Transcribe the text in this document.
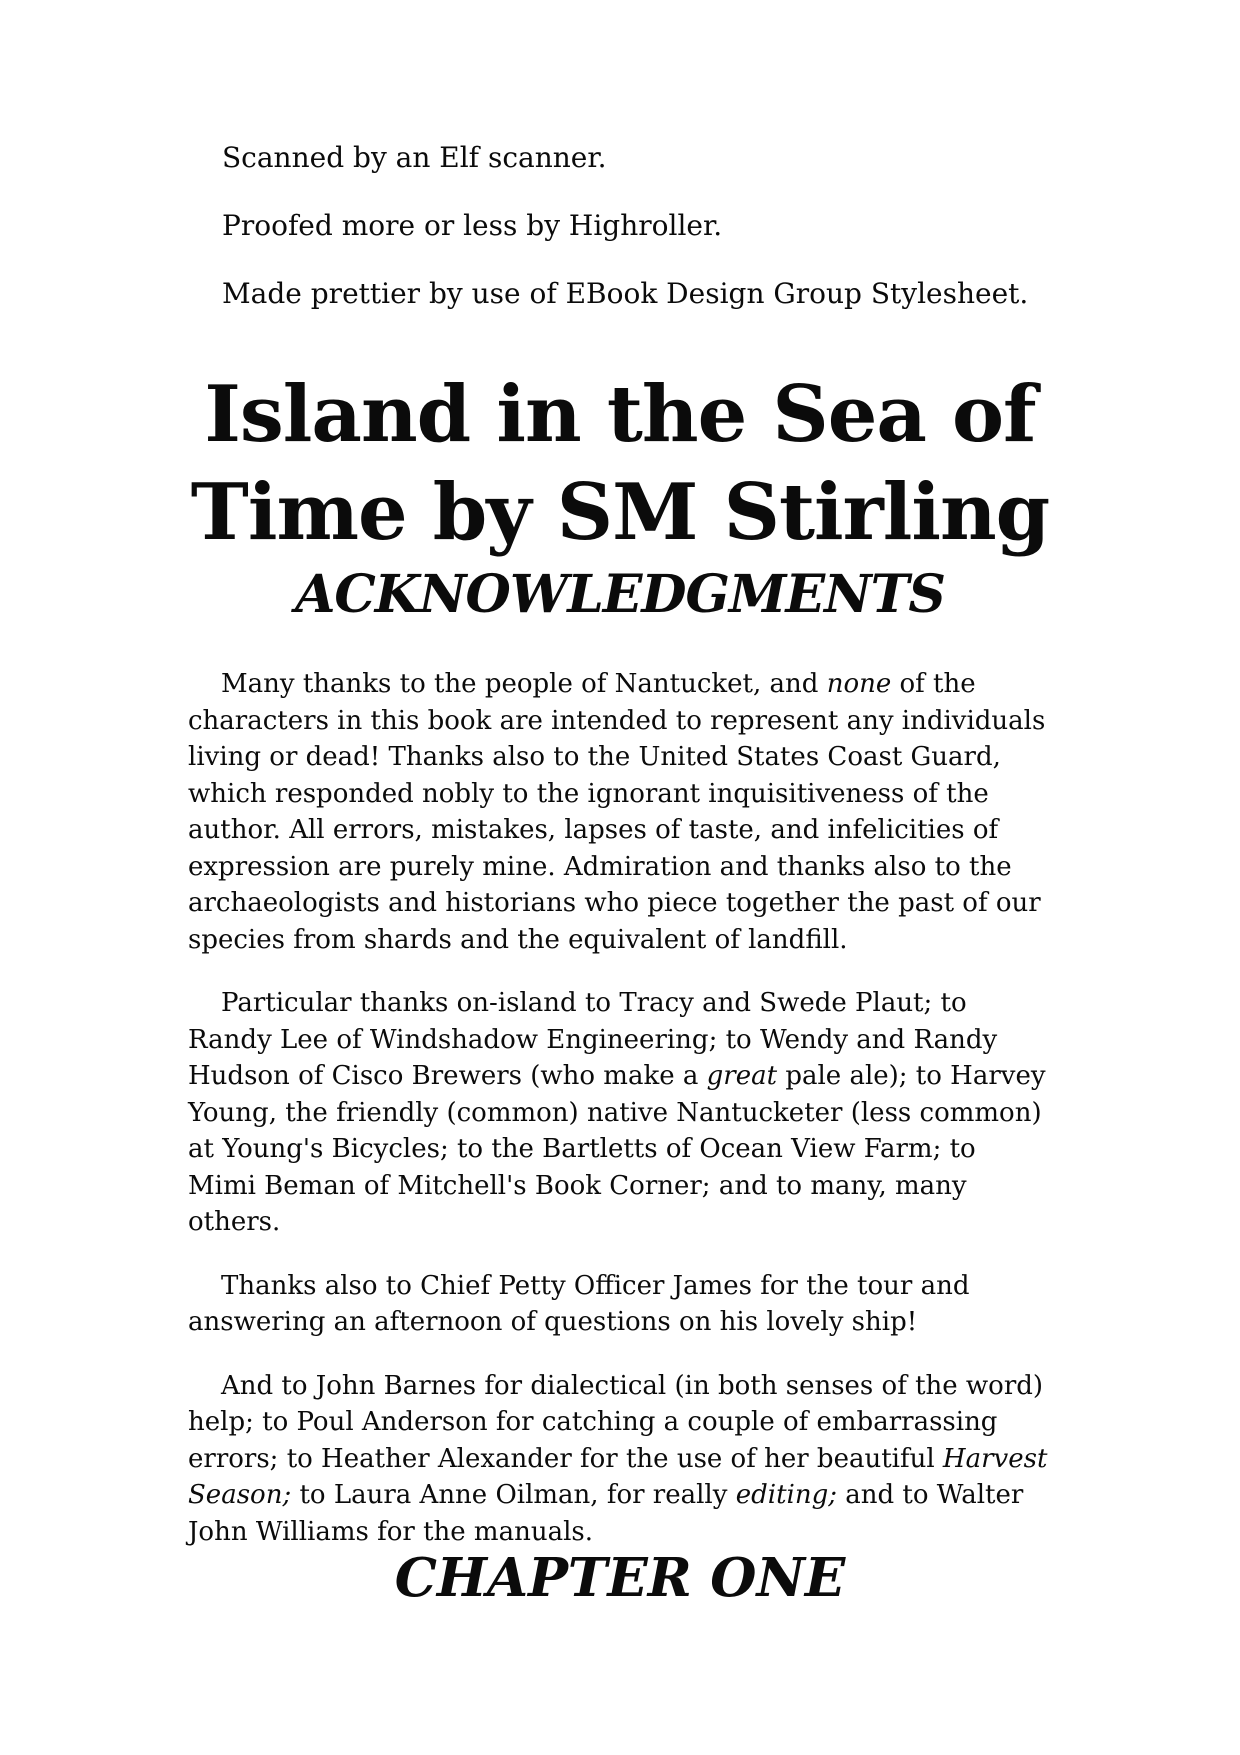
Scanned by an Elf scanner.

Proofed more or less by Highroller.

Made prettier by use of EBook Design Group Stylesheet.

Island in the Sea of
Time by SM Stirling
ACKNOWLEDGMENTS
Many thanks to the people of Nantucket, and none of the
characters in this book are intended to represent any individuals
living or dead! Thanks also to the United States Coast Guard,
which responded nobly to the ignorant inquisitiveness of the
author. All errors, mistakes, lapses of taste, and infelicities of
expression are purely mine. Admiration and thanks also to the
archaeologists and historians who piece together the past of our
species from shards and the equivalent of landfill.
Particular thanks on-island to Tracy and Swede Plaut; to
Randy Lee of Windshadow Engineering; to Wendy and Randy
Hudson of Cisco Brewers (who make a great pale ale); to Harvey
Young, the friendly (common) native Nantucketer (less common)
at Young's Bicycles; to the Bartletts of Ocean View Farm; to
Mimi Beman of Mitchell's Book Corner; and to many, many
others.
Thanks also to Chief Petty Officer James for the tour and
answering an afternoon of questions on his lovely ship!
And to John Barnes for dialectical (in both senses of the word)
help; to Poul Anderson for catching a couple of embarrassing
errors; to Heather Alexander for the use of her beautiful Harvest
Season; to Laura Anne Oilman, for really editing; and to Walter
John Williams for the manuals.
CHAPTER ONE
